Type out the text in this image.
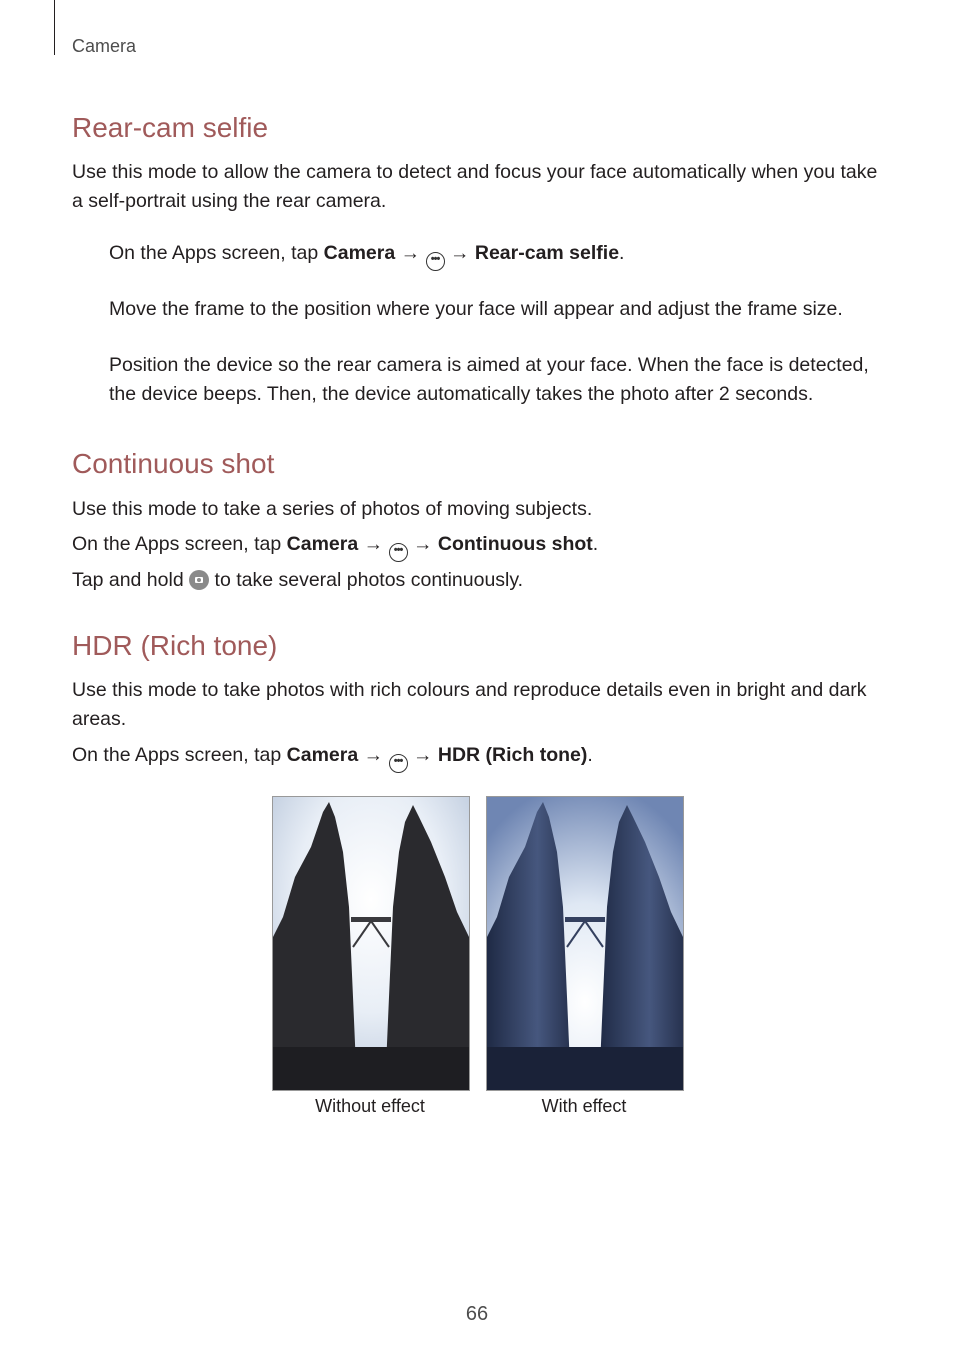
Camera
Rear-cam selfie

Use this mode to allow the camera to detect and focus your face automatically when you take a self-portrait using the rear camera.

On the Apps screen, tap Camera → ••• → Rear-cam selfie.

Move the frame to the position where your face will appear and adjust the frame size.

Position the device so the rear camera is aimed at your face. When the face is detected, the device beeps. Then, the device automatically takes the photo after 2 seconds.

Continuous shot

Use this mode to take a series of photos of moving subjects.

On the Apps screen, tap Camera → ••• → Continuous shot.

Tap and hold  to take several photos continuously.

HDR (Rich tone)

Use this mode to take photos with rich colours and reproduce details even in bright and dark areas.

On the Apps screen, tap Camera → ••• → HDR (Rich tone).

Without effect	With effect
66
